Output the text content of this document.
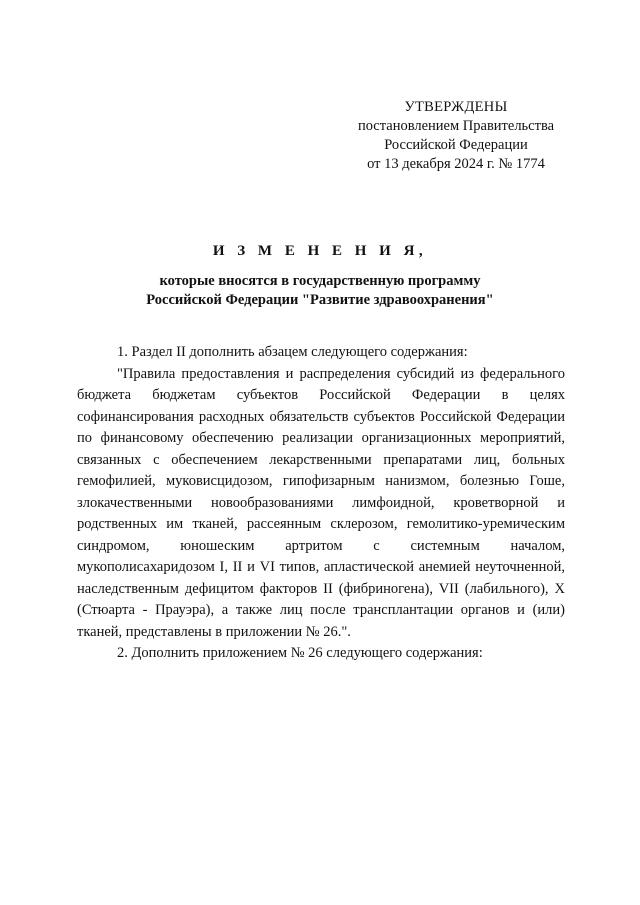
УТВЕРЖДЕНЫ
постановлением Правительства
Российской Федерации
от 13 декабря 2024 г. № 1774
И З М Е Н Е Н И Я,
которые вносятся в государственную программу
Российской Федерации "Развитие здравоохранения"

1. Раздел II дополнить абзацем следующего содержания:

"Правила предоставления и распределения субсидий из федерального бюджета бюджетам субъектов Российской Федерации в целях софинансирования расходных обязательств субъектов Российской Федерации по финансовому обеспечению реализации организационных мероприятий, связанных с обеспечением лекарственными препаратами лиц, больных гемофилией, муковисцидозом, гипофизарным нанизмом, болезнью Гоше, злокачественными новообразованиями лимфоидной, кроветворной и родственных им тканей, рассеянным склерозом, гемолитико-уремическим синдромом, юношеским артритом с системным началом, мукополисахаридозом I, II и VI типов, апластической анемией неуточненной, наследственным дефицитом факторов II (фибриногена), VII (лабильного), X (Стюарта - Прауэра), а также лиц после трансплантации органов и (или) тканей, представлены в приложении № 26.".

2. Дополнить приложением № 26 следующего содержания:
